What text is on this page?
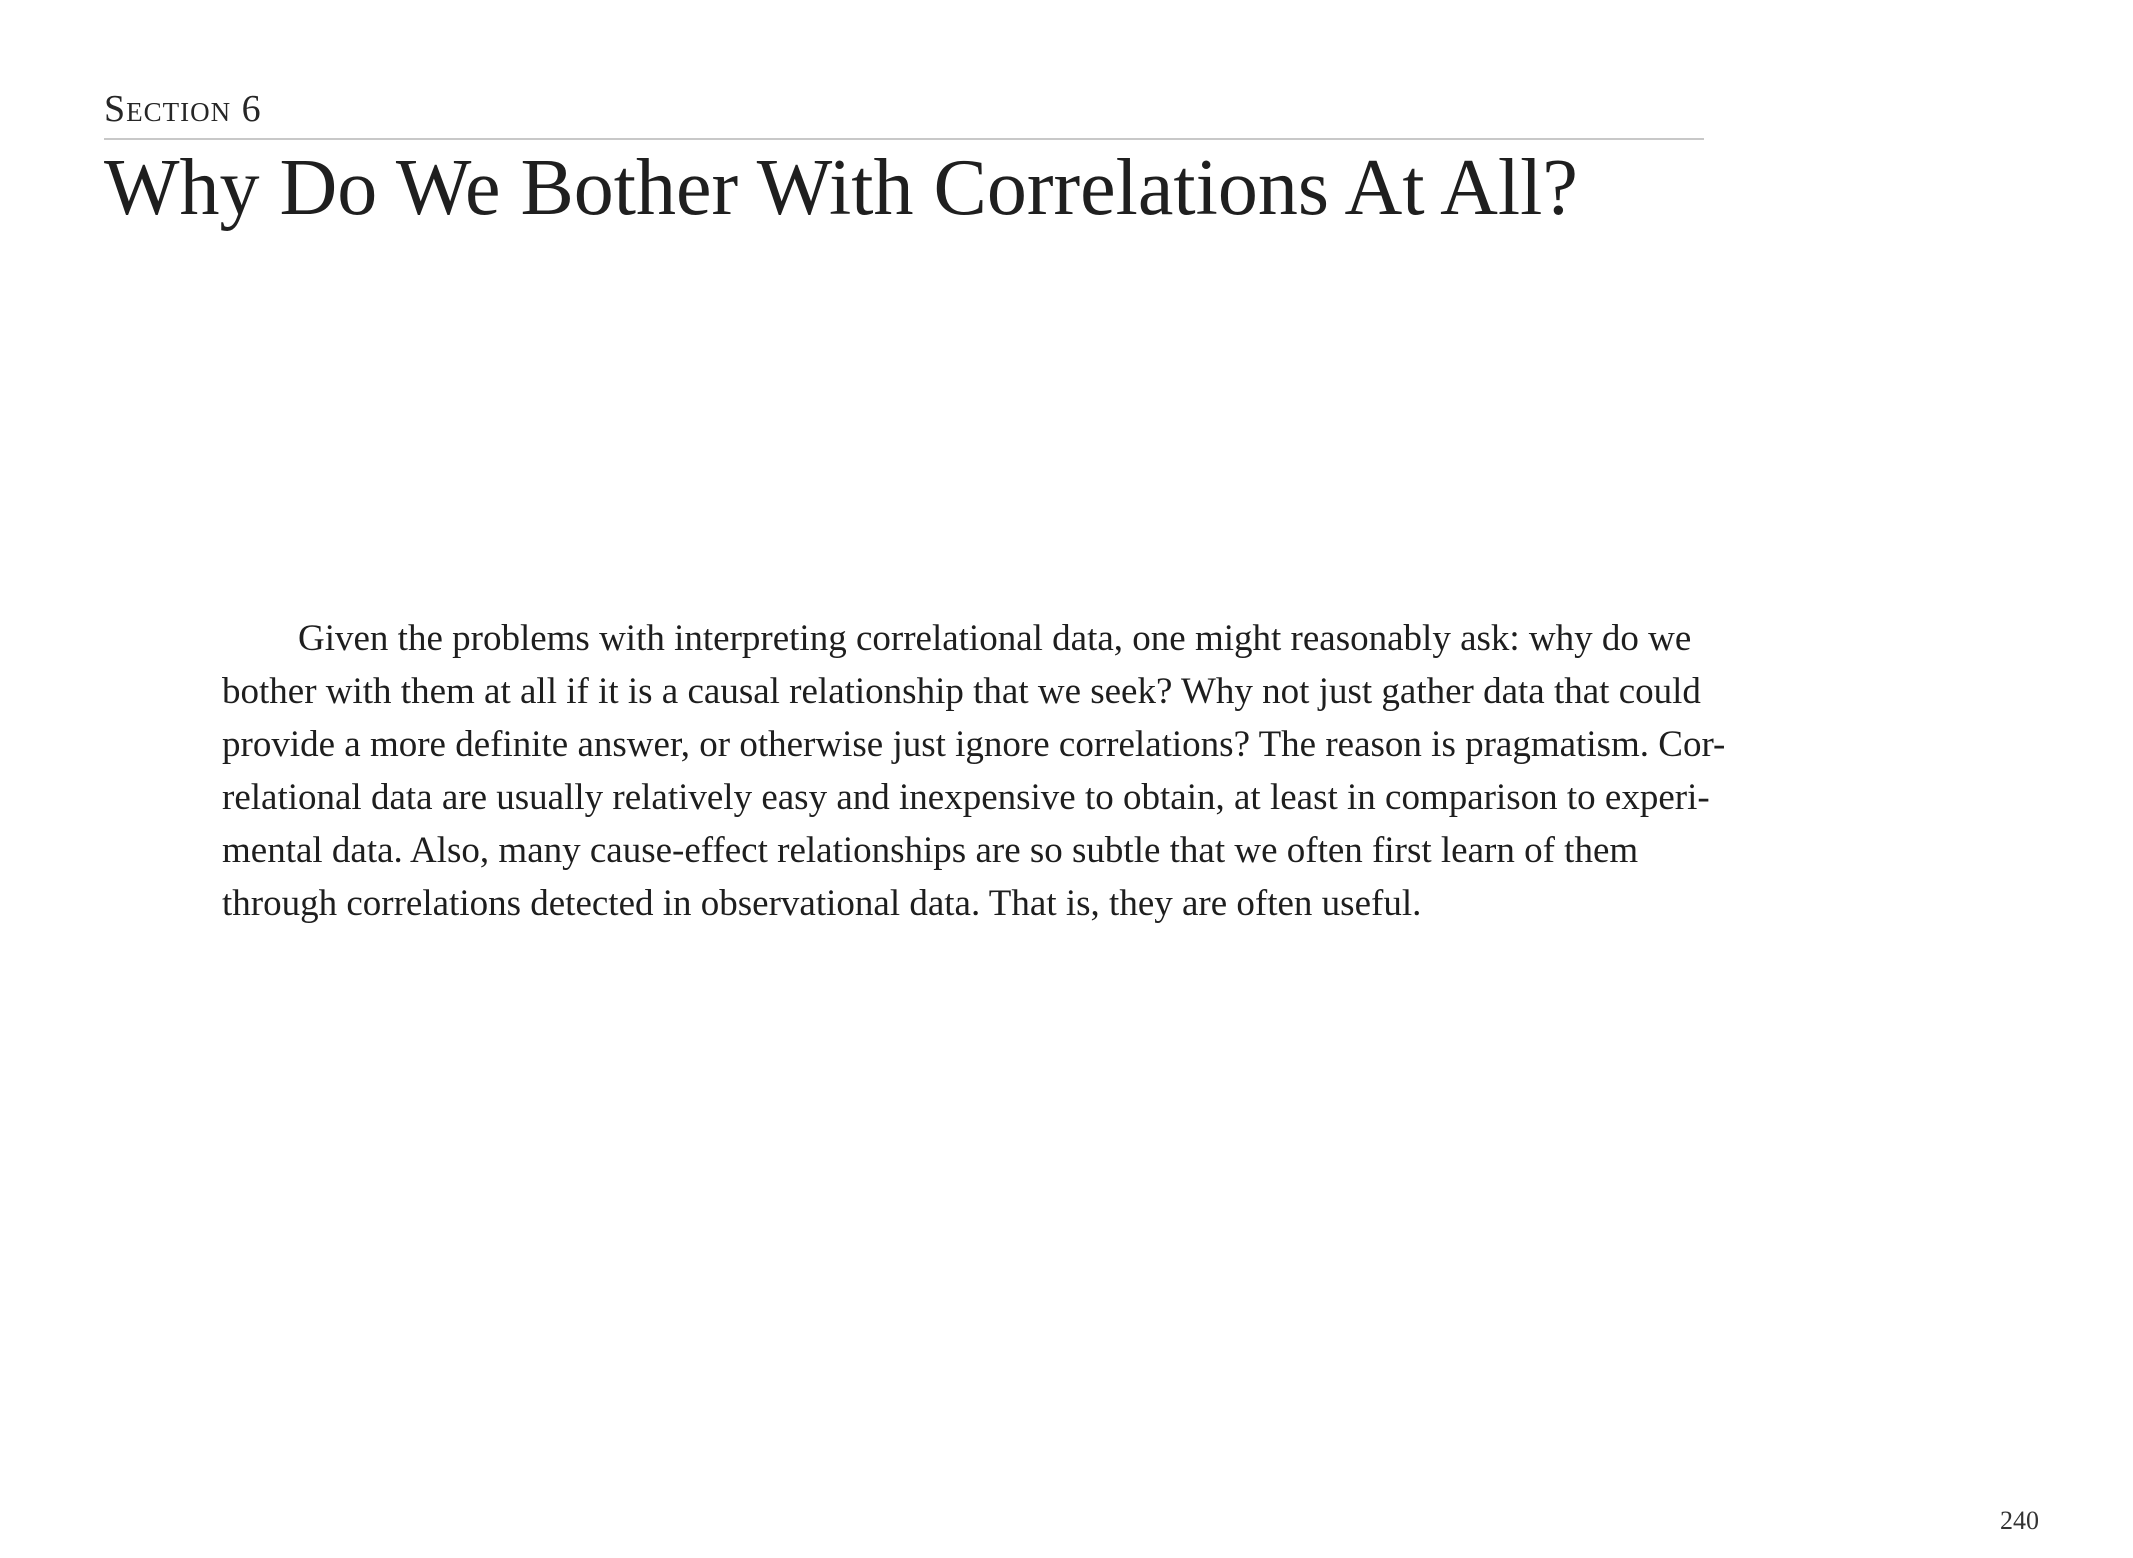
Section 6
Why Do We Bother With Correlations At All?

Given the problems with interpreting correlational data, one might reasonably ask: why do we
bother with them at all if it is a causal relationship that we seek? Why not just gather data that could
provide a more definite answer, or otherwise just ignore correlations? The reason is pragmatism. Cor-
relational data are usually relatively easy and inexpensive to obtain, at least in comparison to experi-
mental data. Also, many cause-effect relationships are so subtle that we often first learn of them
through correlations detected in observational data. That is, they are often useful.

240
